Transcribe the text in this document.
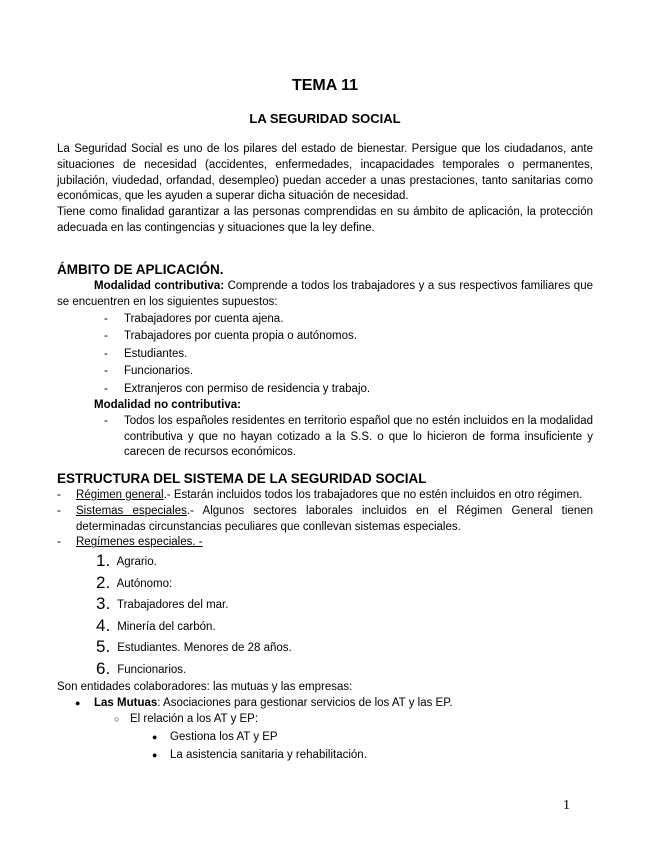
TEMA 11
LA SEGURIDAD SOCIAL

La Seguridad Social es uno de los pilares del estado de bienestar. Persigue que los ciudadanos, ante situaciones de necesidad (accidentes, enfermedades, incapacidades temporales o permanentes, jubilación, viudedad, orfandad, desempleo) puedan acceder a unas prestaciones, tanto sanitarias como económicas, que les ayuden a superar dicha situación de necesidad.

Tiene como finalidad garantizar a las personas comprendidas en su ámbito de aplicación, la protección adecuada en las contingencias y situaciones que la ley define.

ÁMBITO DE APLICACIÓN.
Modalidad contributiva: Comprende a todos los trabajadores y a sus respectivos familiares que se encuentren en los siguientes supuestos:
- Trabajadores por cuenta ajena.
- Trabajadores por cuenta propia o autónomos.
- Estudiantes.
- Funcionarios.
- Extranjeros con permiso de residencia y trabajo.
Modalidad no contributiva:
- Todos los españoles residentes en territorio español que no estén incluidos en la modalidad contributiva y que no hayan cotizado a la S.S. o que lo hicieron de forma insuficiente y carecen de recursos económicos.
ESTRUCTURA DEL SISTEMA DE LA SEGURIDAD SOCIAL
- Régimen general.- Estarán incluidos todos los trabajadores que no estén incluidos en otro régimen.
- Sistemas especiales.- Algunos sectores laborales incluidos en el Régimen General tienen determinadas circunstancias peculiares que conllevan sistemas especiales.
- Regímenes especiales. -
1. Agrario.
2. Autónomo:
3. Trabajadores del mar.
4. Minería del carbón.
5. Estudiantes. Menores de 28 años.
6. Funcionarios.
Son entidades colaboradores: las mutuas y las empresas:
● Las Mutuas: Asociaciones para gestionar servicios de los AT y las EP.
○ El relación a los AT y EP:
● Gestiona los AT y EP
● La asistencia sanitaria y rehabilitación.
1
